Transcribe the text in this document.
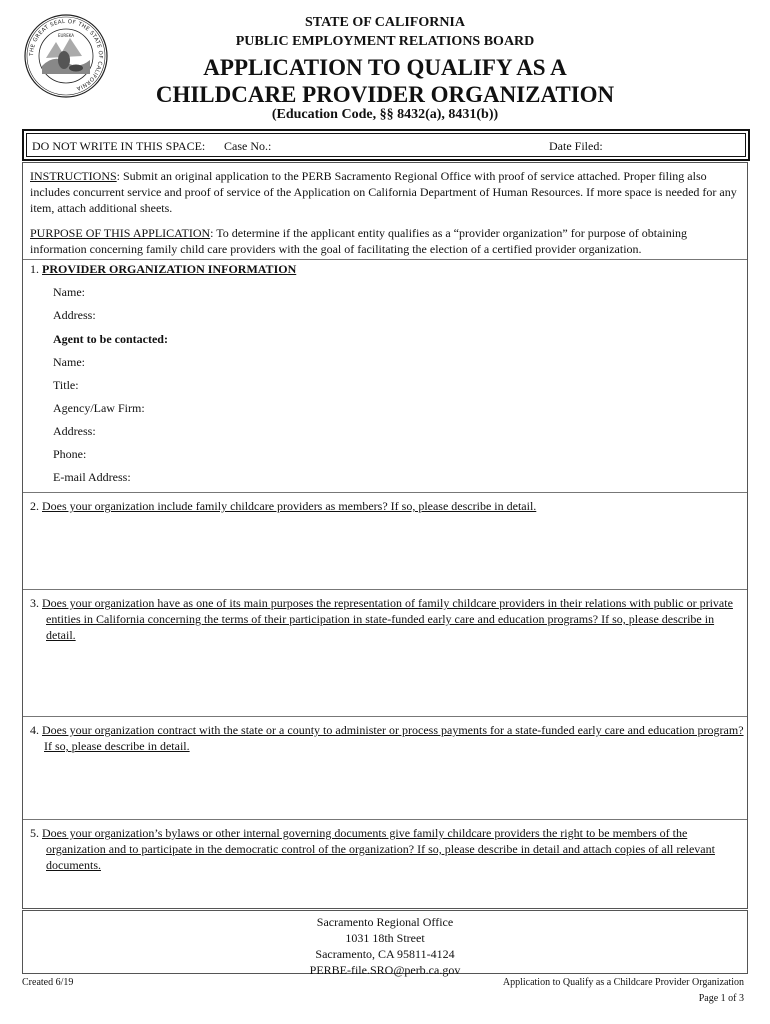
THE GREAT SEAL OF THE STATE OF CALIFORNIA
EUREKA
STATE OF CALIFORNIA
PUBLIC EMPLOYMENT RELATIONS BOARD
APPLICATION TO QUALIFY AS A
CHILDCARE PROVIDER ORGANIZATION
(Education Code, §§ 8432(a), 8431(b))
DO NOT WRITE IN THIS SPACE: Case No.:	Date Filed:
INSTRUCTIONS: Submit an original application to the PERB Sacramento Regional Office with proof of service attached. Proper filing also includes concurrent service and proof of service of the Application on California Department of Human Resources. If more space is needed for any item, attach additional sheets.
PURPOSE OF THIS APPLICATION: To determine if the applicant entity qualifies as a “provider organization” for purpose of obtaining information concerning family child care providers with the goal of facilitating the election of a certified provider organization.
1. PROVIDER ORGANIZATION INFORMATION
Name:
Address:
Agent to be contacted:
Name:
Title:
Agency/Law Firm:
Address:
Phone:
E-mail Address:
2. Does your organization include family childcare providers as members? If so, please describe in detail.
3. Does your organization have as one of its main purposes the representation of family childcare providers in their relations with public or private entities in California concerning the terms of their participation in state-funded early care and education programs? If so, please describe in detail.
4. Does your organization contract with the state or a county to administer or process payments for a state-funded early care and education program? If so, please describe in detail.
5. Does your organization’s bylaws or other internal governing documents give family childcare providers the right to be members of the organization and to participate in the democratic control of the organization? If so, please describe in detail and attach copies of all relevant documents.
Sacramento Regional Office
1031 18th Street
Sacramento, CA 95811-4124
PERBE-file.SRO@perb.ca.gov
Created 6/19	Application to Qualify as a Childcare Provider Organization
Page 1 of 3
